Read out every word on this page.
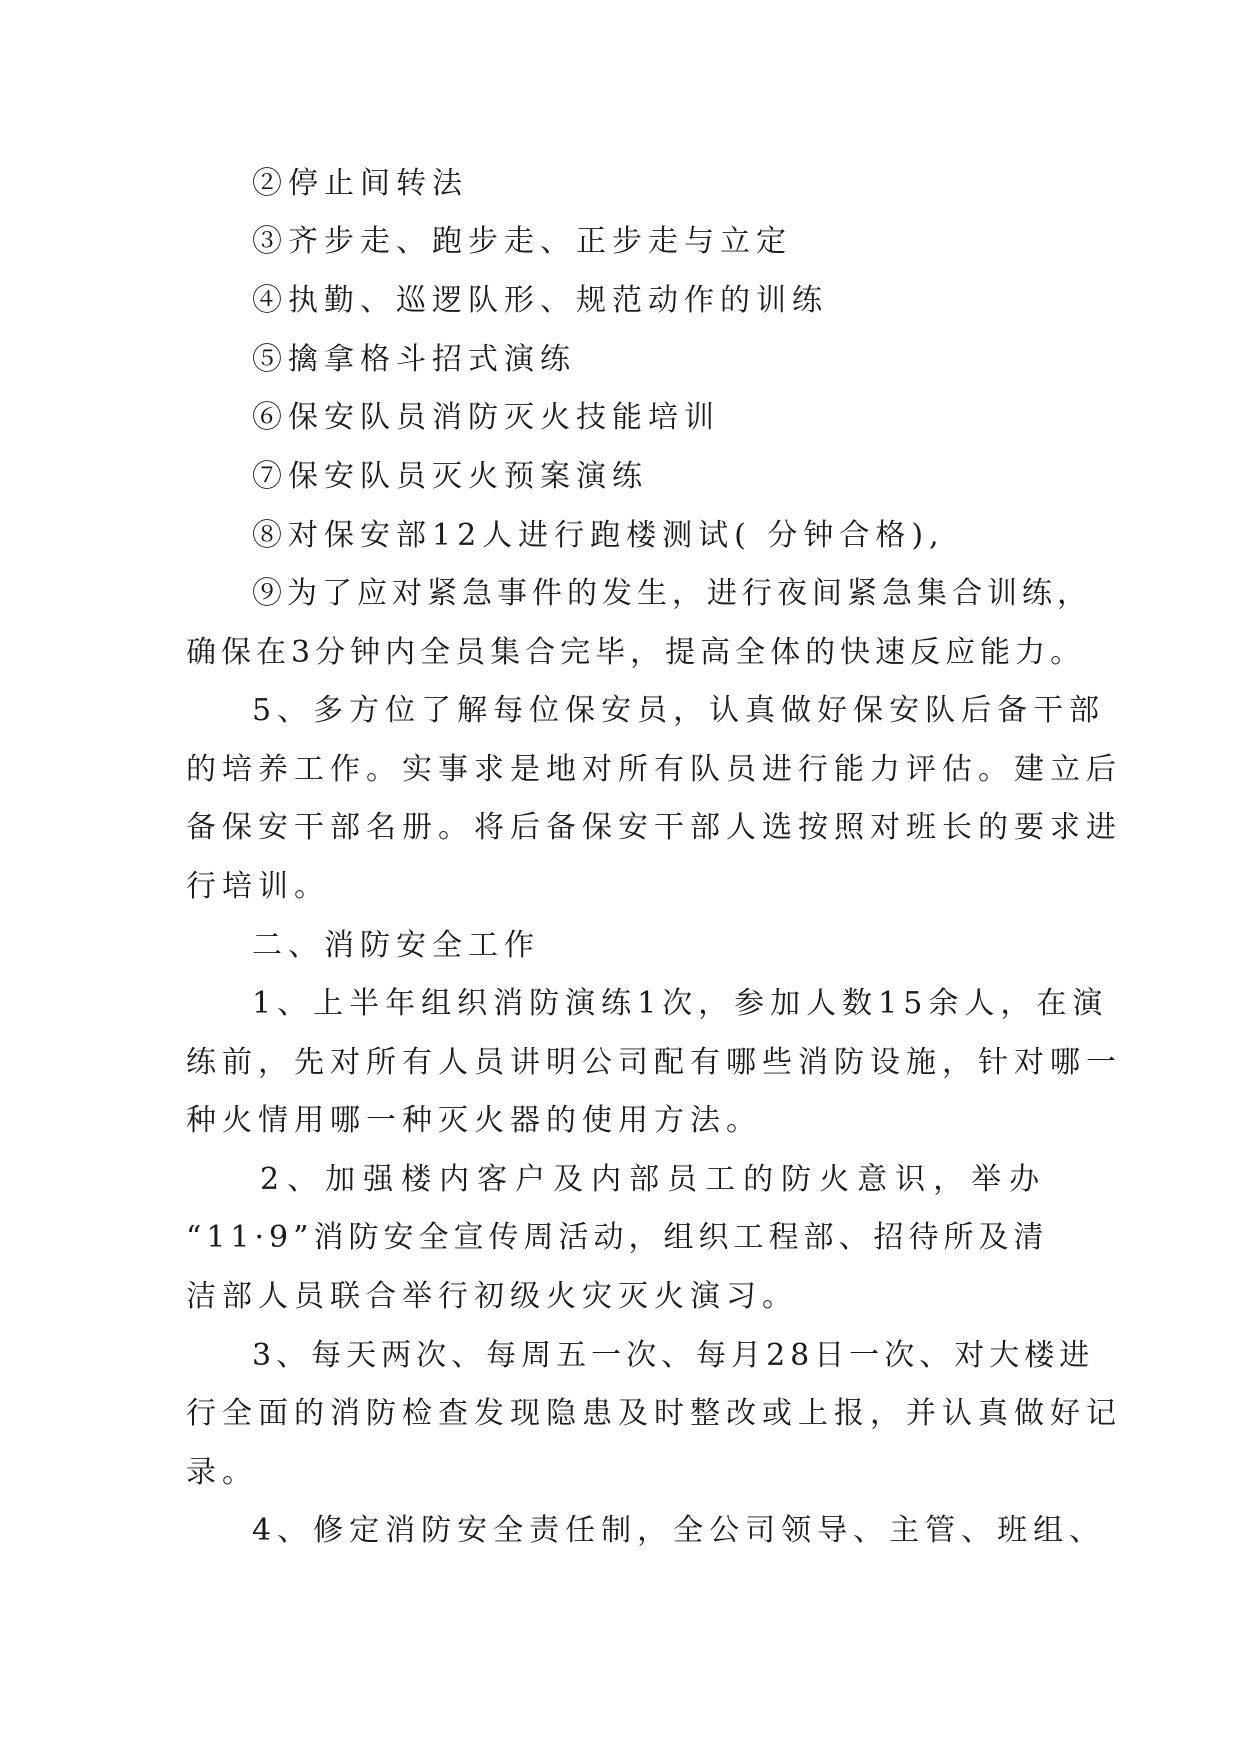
②停止间转法
③齐步走、跑步走、正步走与立定
④执勤、巡逻队形、规范动作的训练
⑤擒拿格斗招式演练
⑥保安队员消防灭火技能培训
⑦保安队员灭火预案演练
⑧对保安部12人进行跑楼测试( 分钟合格),
⑨为了应对紧急事件的发生，进行夜间紧急集合训练，
确保在3分钟内全员集合完毕，提高全体的快速反应能力。
5、多方位了解每位保安员，认真做好保安队后备干部
的培养工作。实事求是地对所有队员进行能力评估。建立后
备保安干部名册。将后备保安干部人选按照对班长的要求进
行培训。
二、消防安全工作
1、上半年组织消防演练1次，参加人数15余人，在演
练前，先对所有人员讲明公司配有哪些消防设施，针对哪一
种火情用哪一种灭火器的使用方法。
2、加强楼内客户及内部员工的防火意识，举办
“11·9”消防安全宣传周活动，组织工程部、招待所及清
洁部人员联合举行初级火灾灭火演习。
3、每天两次、每周五一次、每月28日一次、对大楼进
行全面的消防检查发现隐患及时整改或上报，并认真做好记
录。
4、修定消防安全责任制，全公司领导、主管、班组、
